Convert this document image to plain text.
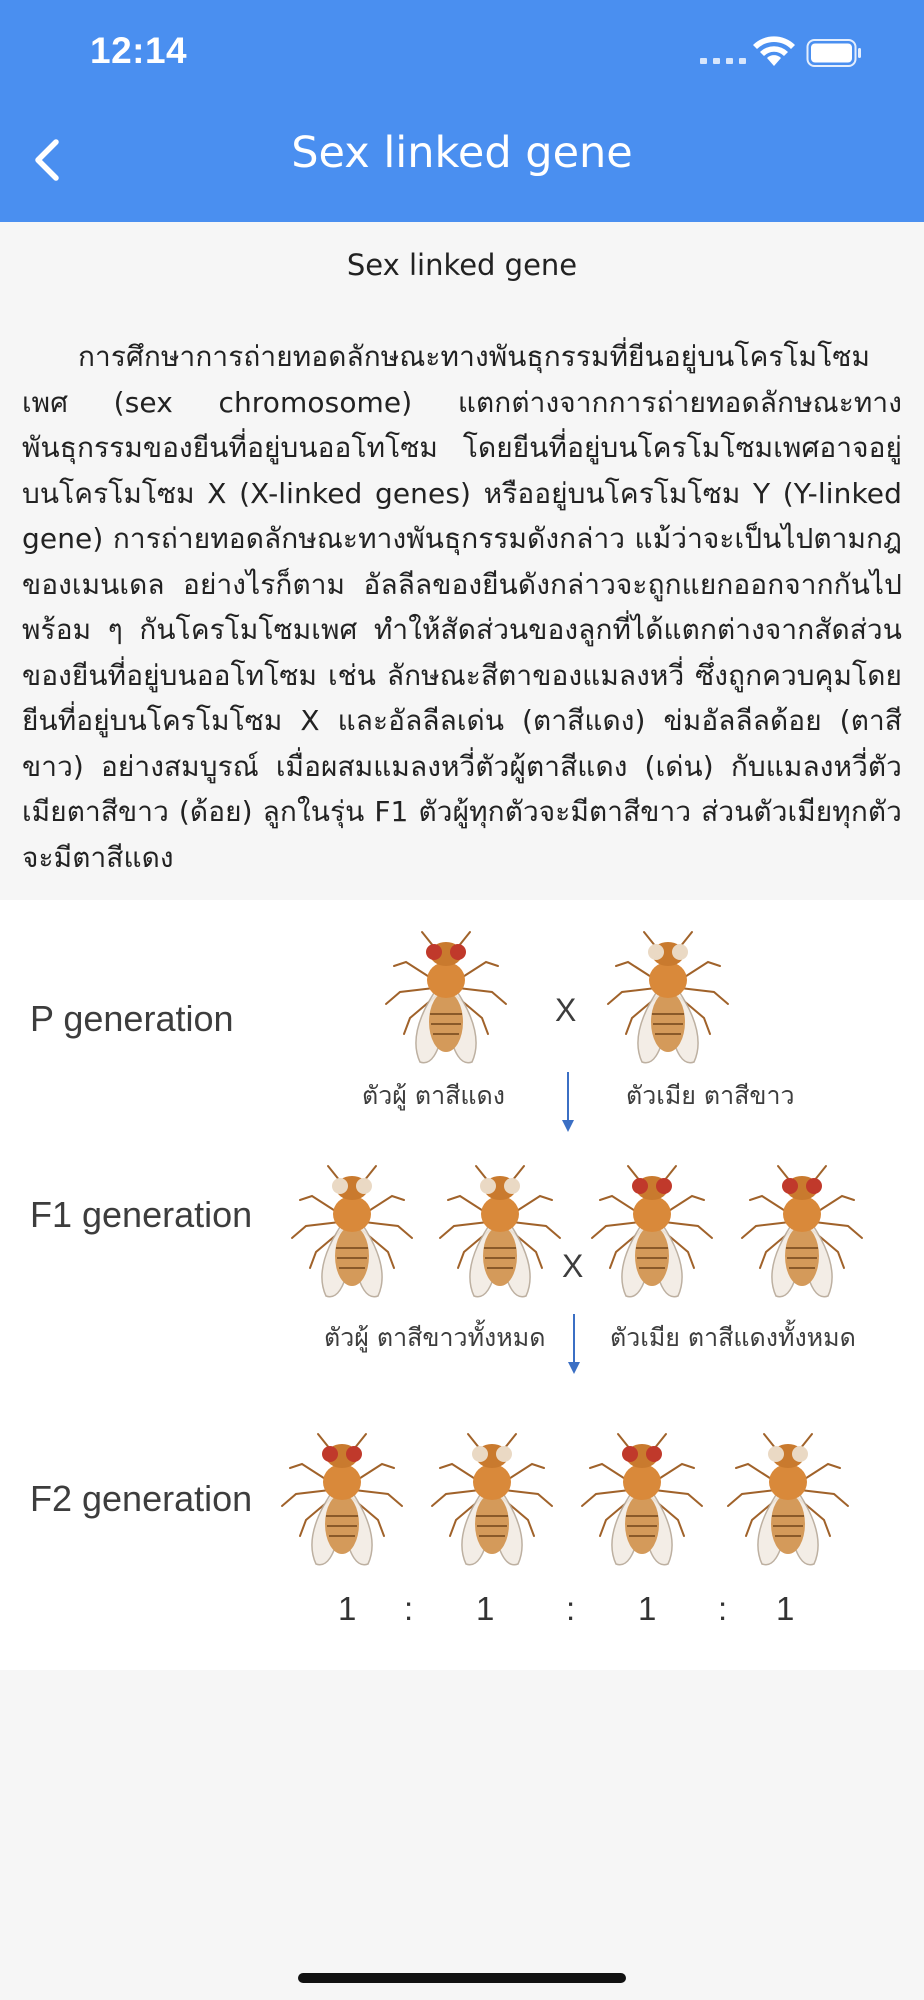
12:14
Sex linked gene
Sex linked gene

การศึกษาการถ่ายทอดลักษณะทางพันธุกรรมที่ยีนอยู่บนโครโมโซมเพศ (sex chromosome) แตกต่างจากการถ่ายทอดลักษณะทางพันธุกรรมของยีนที่อยู่บนออโทโซม โดยยีนที่อยู่บนโครโมโซมเพศอาจอยู่บนโครโมโซม X (X-linked genes) หรืออยู่บนโครโมโซม Y (Y-linked gene) การถ่ายทอดลักษณะทางพันธุกรรมดังกล่าว แม้ว่าจะเป็นไปตามกฎของเมนเดล อย่างไรก็ตาม อัลลีลของยีนดังกล่าวจะถูกแยกออกจากกันไปพร้อม ๆ กันโครโมโซมเพศ ทำให้สัดส่วนของลูกที่ได้แตกต่างจากสัดส่วนของยีนที่อยู่บนออโทโซม เช่น ลักษณะสีตาของแมลงหวี่ ซึ่งถูกควบคุมโดยยีนที่อยู่บนโครโมโซม X และอัลลีลเด่น (ตาสีแดง) ข่มอัลลีลด้อย (ตาสีขาว) อย่างสมบูรณ์ เมื่อผสมแมลงหวี่ตัวผู้ตาสีแดง (เด่น) กับแมลงหวี่ตัวเมียตาสีขาว (ด้อย) ลูกในรุ่น F1 ตัวผู้ทุกตัวจะมีตาสีขาว ส่วนตัวเมียทุกตัวจะมีตาสีแดง

P generation	X
ตัวผู้ ตาสีแดง	ตัวเมีย ตาสีขาว
F1 generation
X
ตัวผู้ ตาสีขาวทั้งหมด	ตัวเมีย ตาสีแดงทั้งหมด
F2 generation
1 : 1 : 1 : 1
